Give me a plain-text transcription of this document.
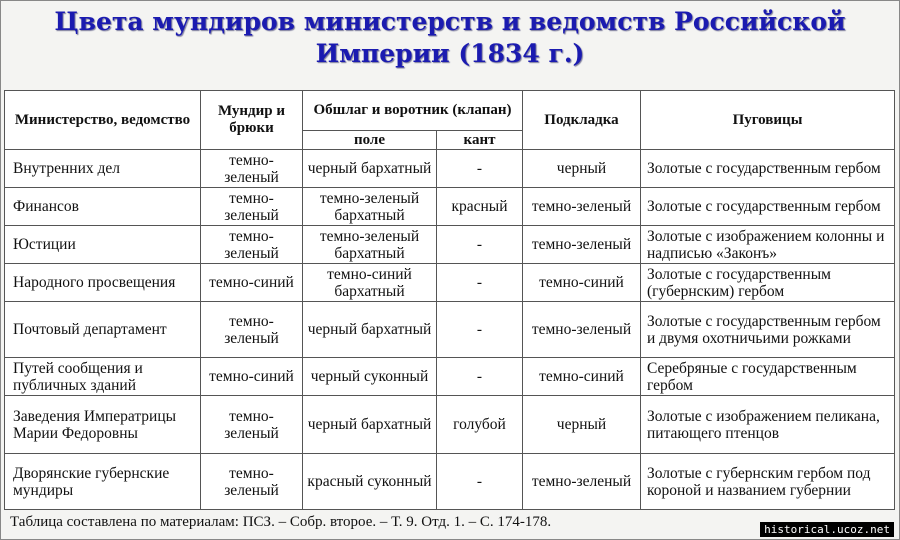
Цвета мундиров министерств и ведомств Российской
Империи (1834 г.)
Министерство, ведомство	Мундир и брюки	Обшлаг и воротник (клапан)		Подкладка	Пуговицы
		поле	кант		
Внутренних дел	темно-зеленый	черный бархатный	-	черный	Золотые с государственным гербом
Финансов	темно-зеленый	темно-зеленый бархатный	красный	темно-зеленый	Золотые с государственным гербом
Юстиции	темно-зеленый	темно-зеленый бархатный	-	темно-зеленый	Золотые с изображением колонны и надписью «Законъ»
Народного просвещения	темно-синий	темно-синий бархатный	-	темно-синий	Золотые с государственным (губернским) гербом
Почтовый департамент	темно-зеленый	черный бархатный	-	темно-зеленый	Золотые с государственным гербом и двумя охотничьими рожками
Путей сообщения и публичных зданий	темно-синий	черный суконный	-	темно-синий	Серебряные с государственным гербом
Заведения Императрицы Марии Федоровны	темно-зеленый	черный бархатный	голубой	черный	Золотые с изображением пеликана, питающего птенцов
Дворянские губернские мундиры	темно-зеленый	красный суконный	-	темно-зеленый	Золотые с губернским гербом под короной и названием губернии
Таблица составлена по материалам: ПСЗ. – Собр. второе. – Т. 9. Отд. 1. – С. 174-178.	historical.ucoz.net
